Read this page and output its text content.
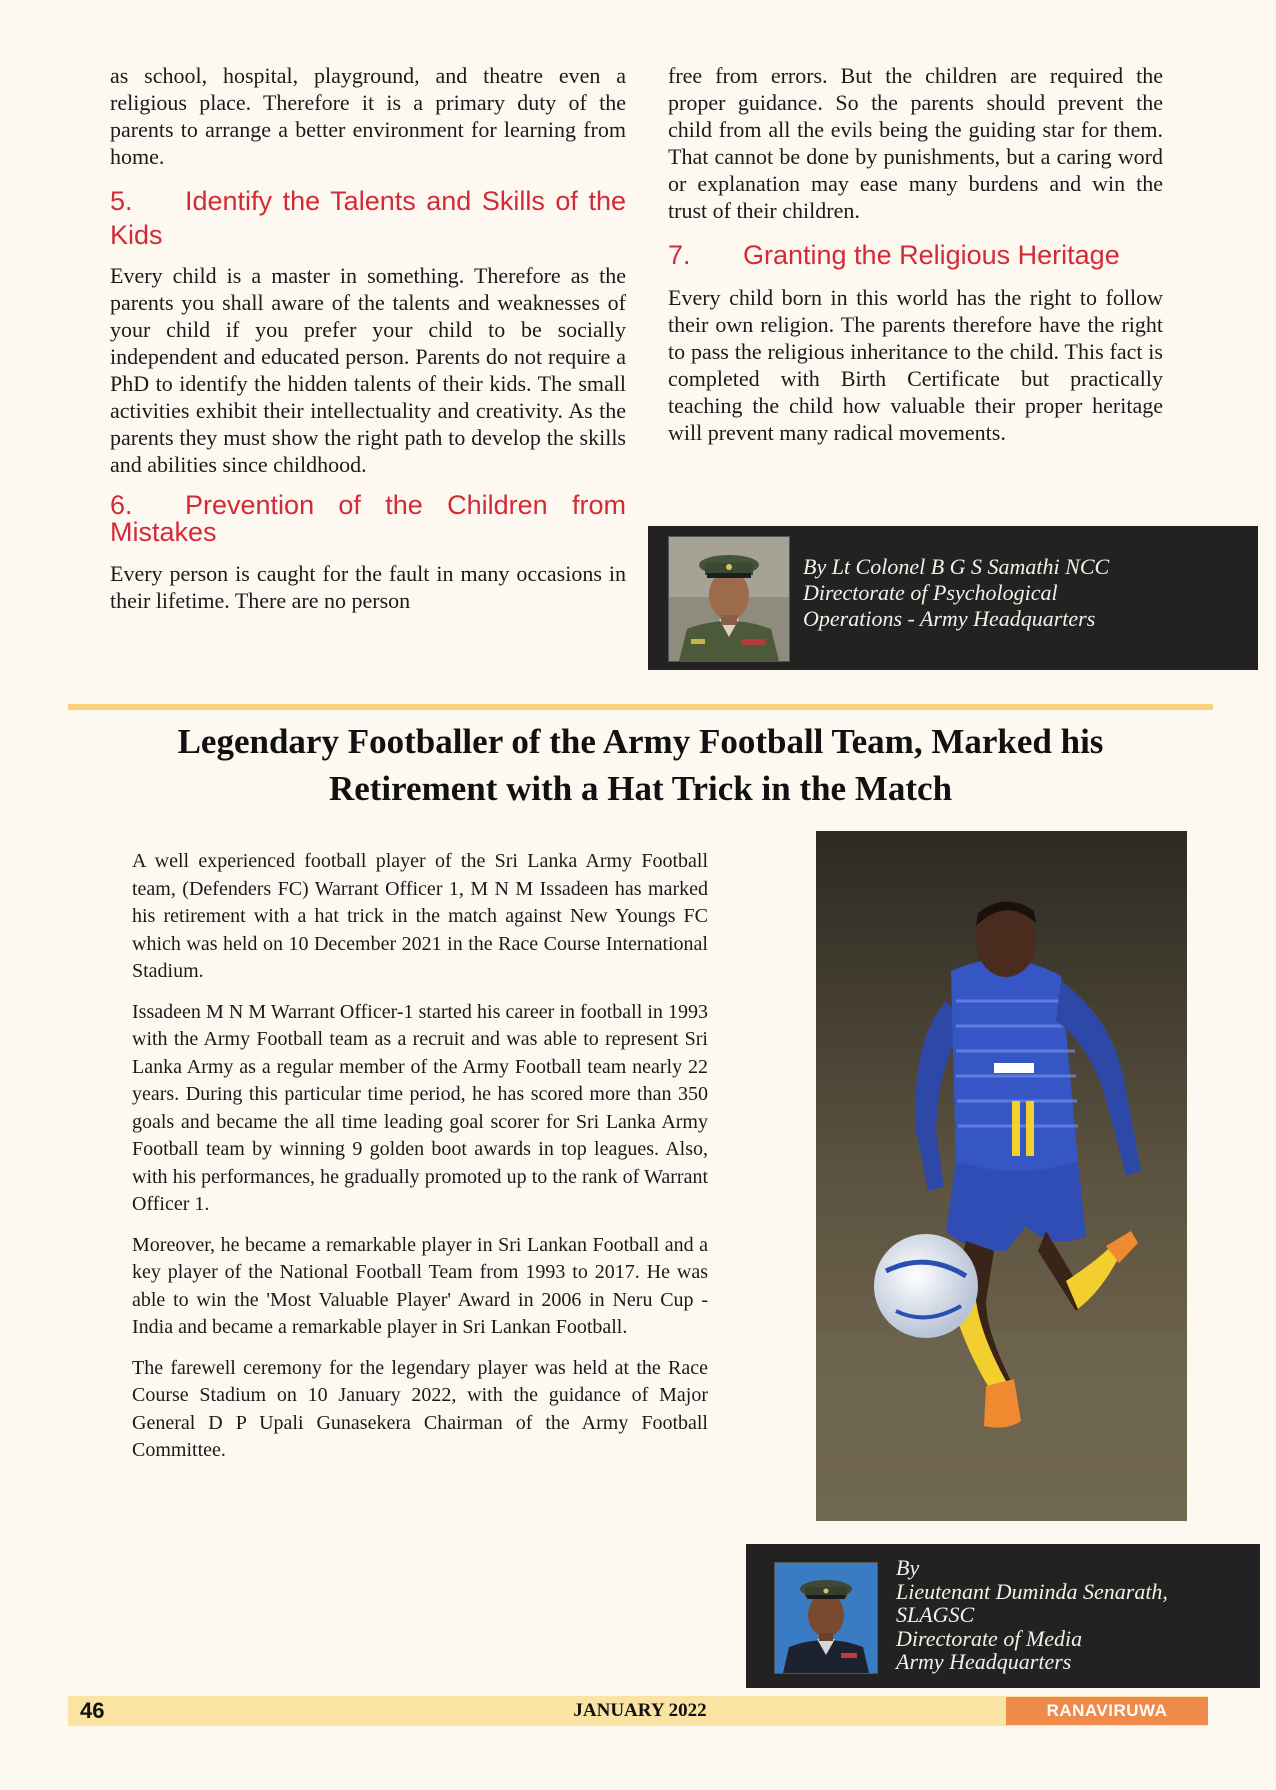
as school, hospital, playground, and theatre even a religious place. Therefore it is a primary duty of the parents to arrange a better environment for learning from home.

5. Identify the Talents and Skills of the Kids

Every child is a master in something. Therefore as the parents you shall aware of the talents and weaknesses of your child if you prefer your child to be socially independent and educated person. Parents do not require a PhD to identify the hidden talents of their kids. The small activities exhibit their intellectuality and creativity. As the parents they must show the right path to develop the skills and abilities since childhood.

6. Prevention of the Children from Mistakes

Every person is caught for the fault in many occasions in their lifetime. There are no person

free from errors. But the children are required the proper guidance. So the parents should prevent the child from all the evils being the guiding star for them. That cannot be done by punishments, but a caring word or explanation may ease many burdens and win the trust of their children.

7. Granting the Religious Heritage

Every child born in this world has the right to follow their own religion. The parents therefore have the right to pass the religious inheritance to the child. This fact is completed with Birth Certificate but practically teaching the child how valuable their proper heritage will prevent many radical movements.

By Lt Colonel B G S Samathi NCC
Directorate of Psychological
Operations - Army Headquarters
Legendary Footballer of the Army Football Team, Marked his
Retirement with a Hat Trick in the Match

A well experienced football player of the Sri Lanka Army Football team, (Defenders FC) Warrant Officer 1, M N M Issadeen has marked his retirement with a hat trick in the match against New Youngs FC which was held on 10 December 2021 in the Race Course International Stadium.

Issadeen M N M Warrant Officer-1 started his career in football in 1993 with the Army Football team as a recruit and was able to represent Sri Lanka Army as a regular member of the Army Football team nearly 22 years. During this particular time period, he has scored more than 350 goals and became the all time leading goal scorer for Sri Lanka Army Football team by winning 9 golden boot awards in top leagues. Also, with his performances, he gradually promoted up to the rank of Warrant Officer 1.

Moreover, he became a remarkable player in Sri Lankan Football and a key player of the National Football Team from 1993 to 2017. He was able to win the 'Most Valuable Player' Award in 2006 in Neru Cup - India and became a remarkable player in Sri Lankan Football.

The farewell ceremony for the legendary player was held at the Race Course Stadium on 10 January 2022, with the guidance of Major General D P Upali Gunasekera Chairman of the Army Football Committee.

By
Lieutenant Duminda Senarath,
SLAGSC
Directorate of Media
Army Headquarters
46	JANUARY 2022	RANAVIRUWA
